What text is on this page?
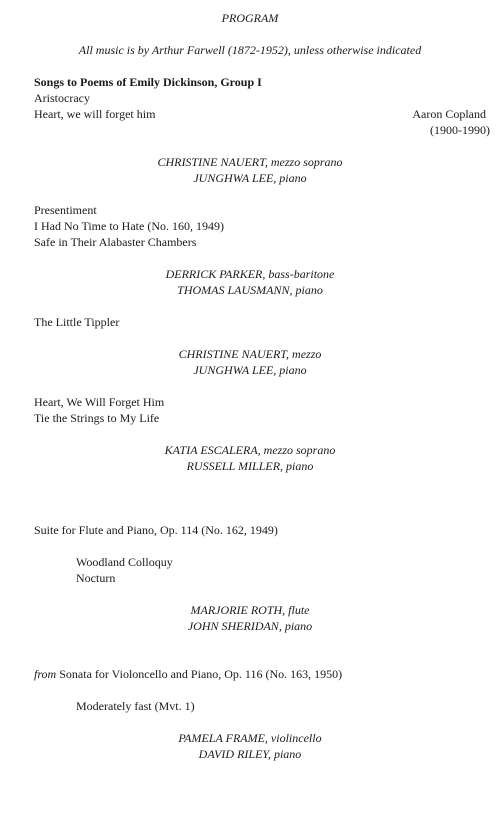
PROGRAM
All music is by Arthur Farwell (1872-1952), unless otherwise indicated
Songs to Poems of Emily Dickinson, Group I
Aristocracy
Heart, we will forget him	Aaron Copland
(1900-1990)
CHRISTINE NAUERT, mezzo soprano
JUNGHWA LEE, piano
Presentiment
I Had No Time to Hate (No. 160, 1949)
Safe in Their Alabaster Chambers
DERRICK PARKER, bass-baritone
THOMAS LAUSMANN, piano
The Little Tippler
CHRISTINE NAUERT, mezzo
JUNGHWA LEE, piano
Heart, We Will Forget Him
Tie the Strings to My Life
KATIA ESCALERA, mezzo soprano
RUSSELL MILLER, piano
Suite for Flute and Piano, Op. 114 (No. 162, 1949)
Woodland Colloquy
Nocturn
MARJORIE ROTH, flute
JOHN SHERIDAN, piano
from Sonata for Violoncello and Piano, Op. 116 (No. 163, 1950)
Moderately fast (Mvt. 1)
PAMELA FRAME, violincello
DAVID RILEY, piano
